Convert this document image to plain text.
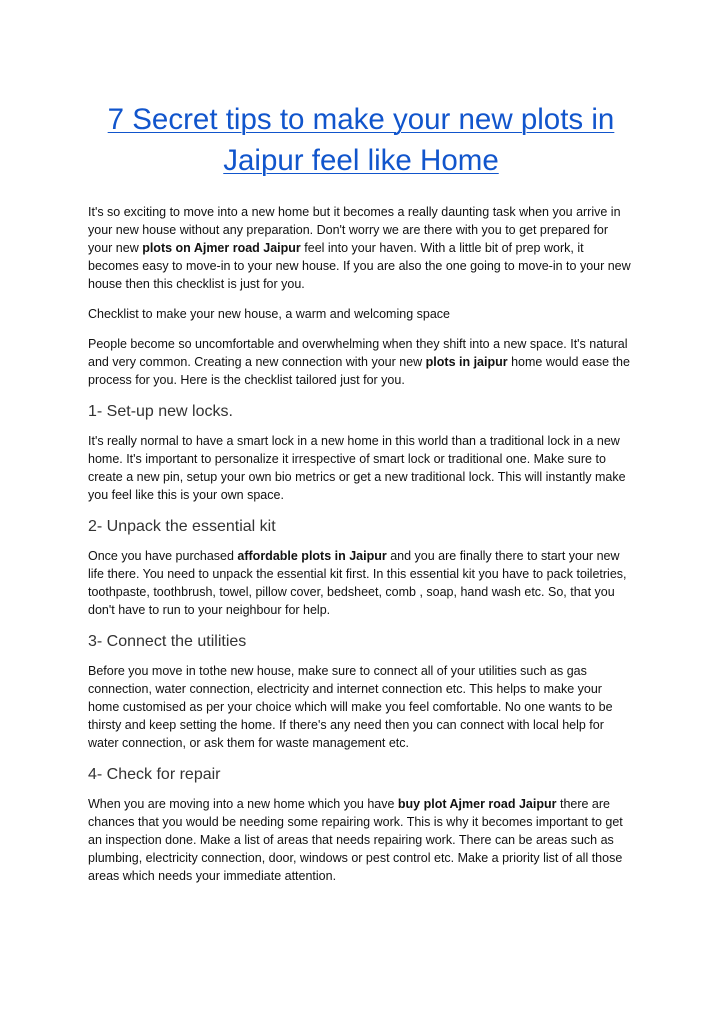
7 Secret tips to make your new plots in Jaipur feel like Home

It's so exciting to move into a new home but it becomes a really daunting task when you arrive in your new house without any preparation. Don't worry we are there with you to get prepared for your new plots on Ajmer road Jaipur feel into your haven. With a little bit of prep work, it becomes easy to move-in to your new house. If you are also the one going to move-in to your new house then this checklist is just for you.

Checklist to make your new house, a warm and welcoming space

People become so uncomfortable and overwhelming when they shift into a new space. It's natural and very common. Creating a new connection with your new plots in jaipur home would ease the process for you. Here is the checklist tailored just for you.

1- Set-up new locks.

It's really normal to have a smart lock in a new home in this world than a traditional lock in a new home. It's important to personalize it irrespective of smart lock or traditional one. Make sure to create a new pin, setup your own bio metrics or get a new traditional lock. This will instantly make you feel like this is your own space.

2- Unpack the essential kit

Once you have purchased affordable plots in Jaipur and you are finally there to start your new life there. You need to unpack the essential kit first. In this essential kit you have to pack toiletries, toothpaste, toothbrush, towel, pillow cover, bedsheet, comb , soap, hand wash etc. So, that you don't have to run to your neighbour for help.

3- Connect the utilities

Before you move in tothe new house, make sure to connect all of your utilities such as gas connection, water connection, electricity and internet connection etc. This helps to make your home customised as per your choice which will make you feel comfortable. No one wants to be thirsty and keep setting the home. If there's any need then you can connect with local help for water connection, or ask them for waste management etc.

4- Check for repair

When you are moving into a new home which you have buy plot Ajmer road Jaipur there are chances that you would be needing some repairing work. This is why it becomes important to get an inspection done. Make a list of areas that needs repairing work. There can be areas such as plumbing, electricity connection, door, windows or pest control etc. Make a priority list of all those areas which needs your immediate attention.
